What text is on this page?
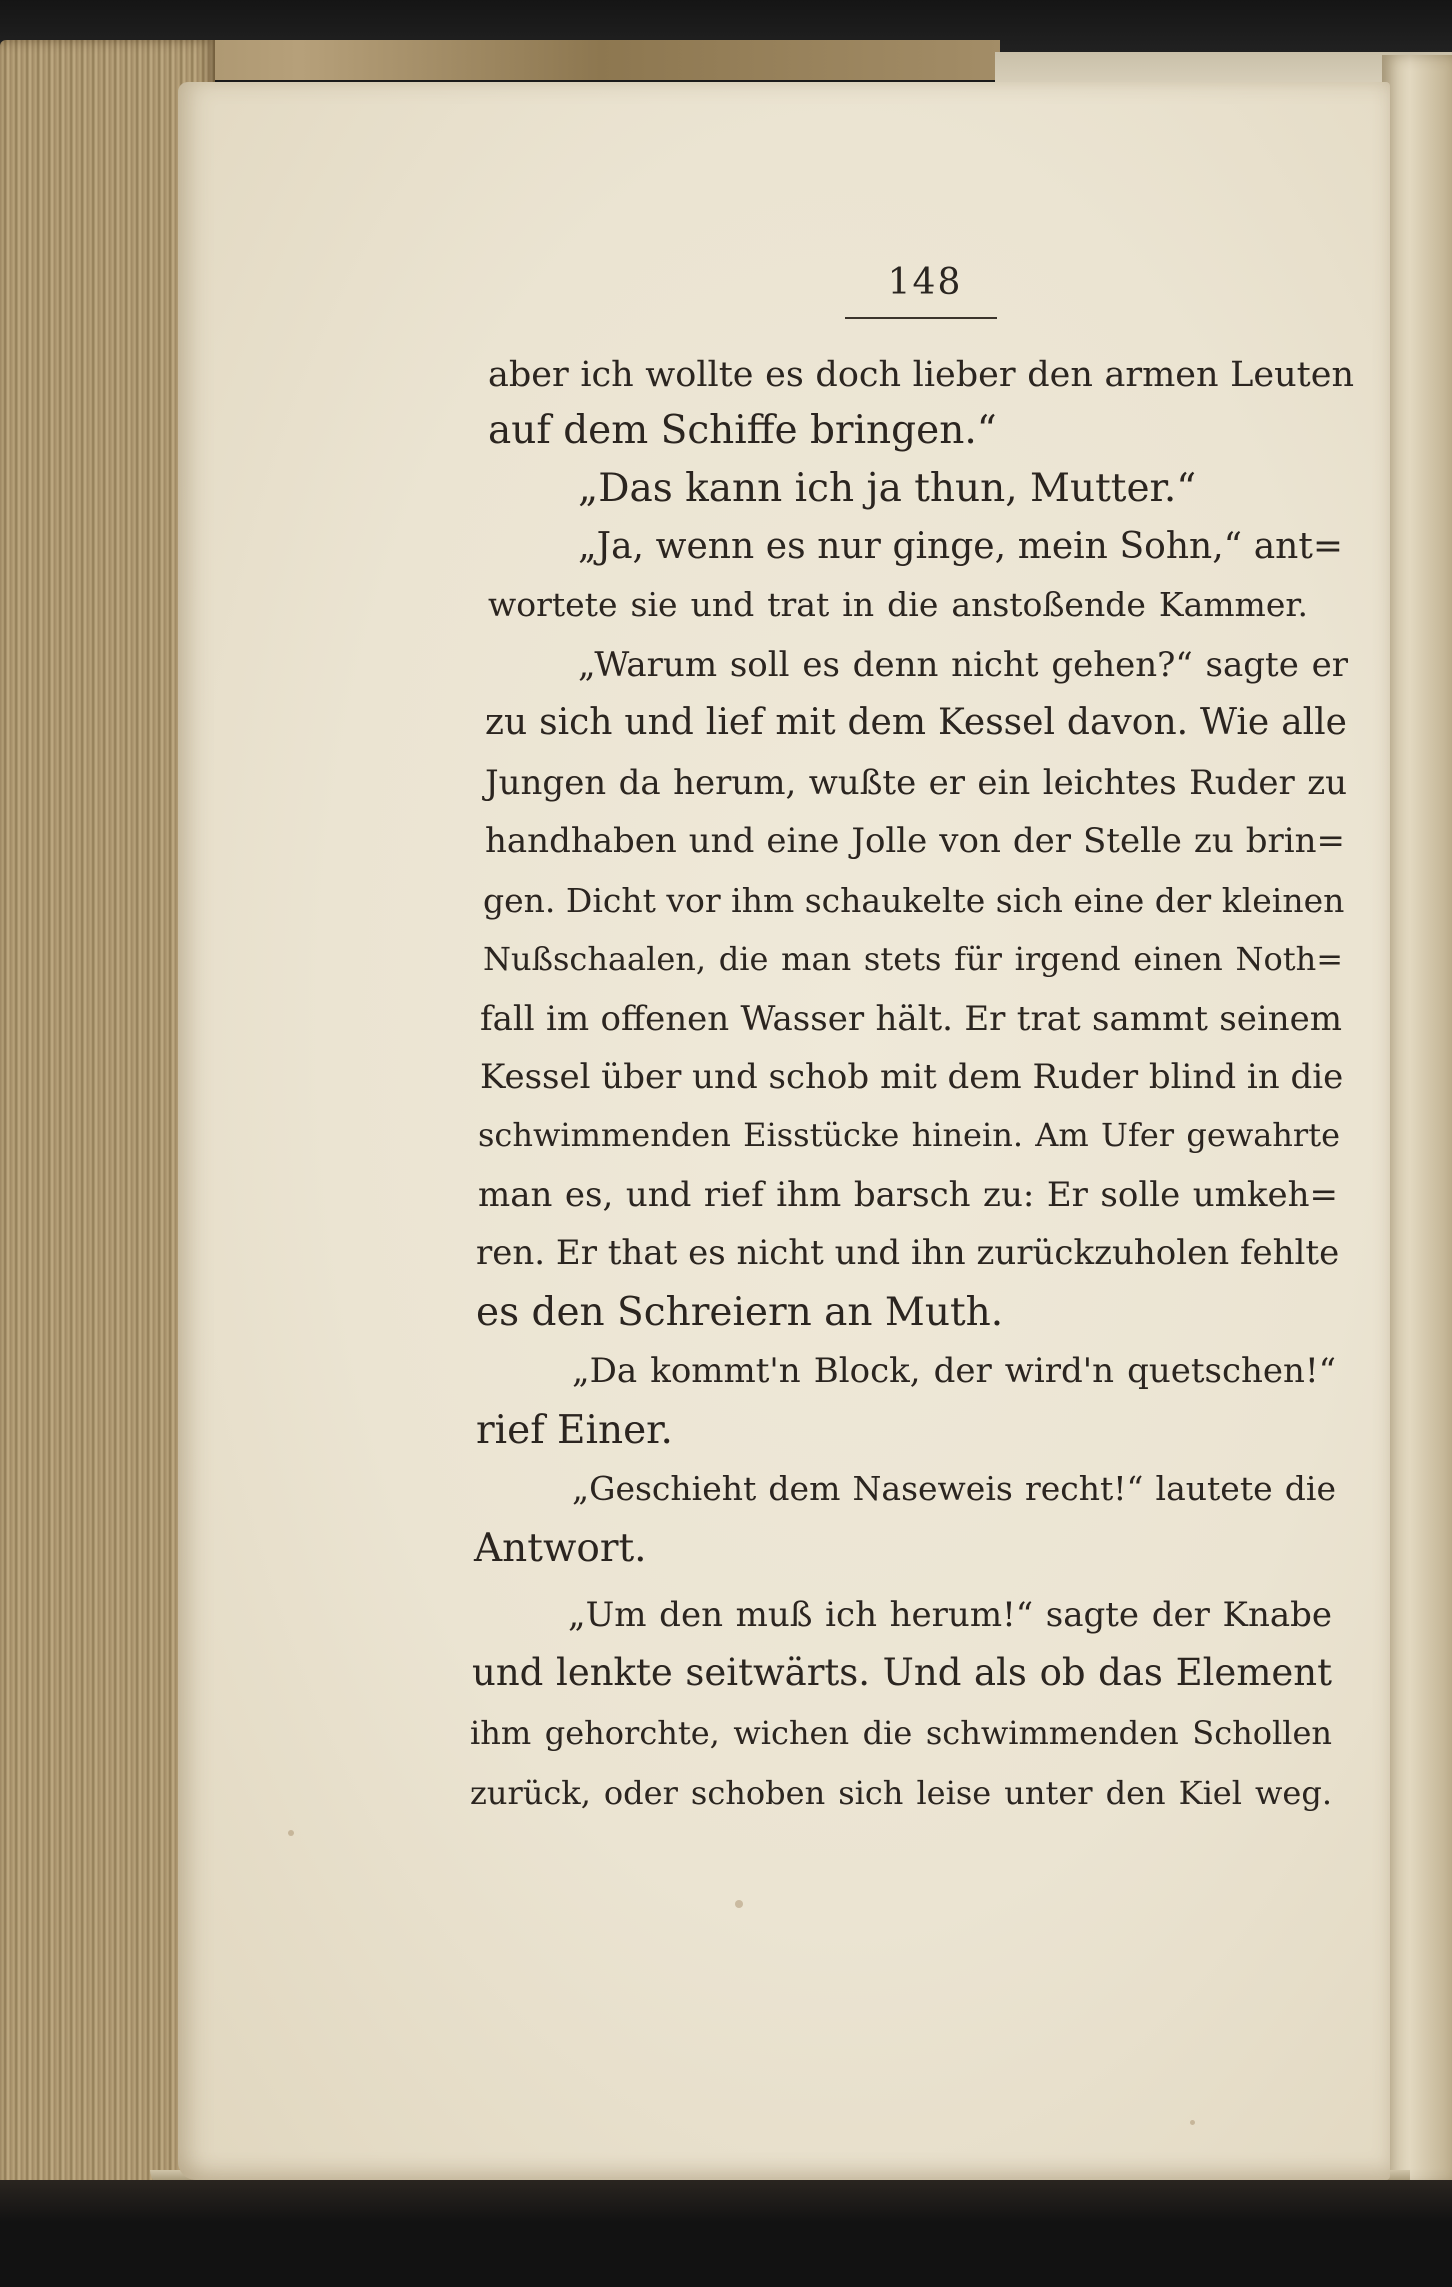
148
aber ich wollte es doch lieber den armen Leuten
auf dem Schiffe bringen.“
„Das kann ich ja thun, Mutter.“
„Ja, wenn es nur ginge, mein Sohn,“ ant=
wortete sie und trat in die anstoßende Kammer.
„Warum soll es denn nicht gehen?“ sagte er
zu sich und lief mit dem Kessel davon. Wie alle
Jungen da herum, wußte er ein leichtes Ruder zu
handhaben und eine Jolle von der Stelle zu brin=
gen. Dicht vor ihm schaukelte sich eine der kleinen
Nußschaalen, die man stets für irgend einen Noth=
fall im offenen Wasser hält. Er trat sammt seinem
Kessel über und schob mit dem Ruder blind in die
schwimmenden Eisstücke hinein. Am Ufer gewahrte
man es, und rief ihm barsch zu: Er solle umkeh=
ren. Er that es nicht und ihn zurückzuholen fehlte
es den Schreiern an Muth.
„Da kommt'n Block, der wird'n quetschen!“
rief Einer.
„Geschieht dem Naseweis recht!“ lautete die
Antwort.
„Um den muß ich herum!“ sagte der Knabe
und lenkte seitwärts. Und als ob das Element
ihm gehorchte, wichen die schwimmenden Schollen
zurück, oder schoben sich leise unter den Kiel weg.
